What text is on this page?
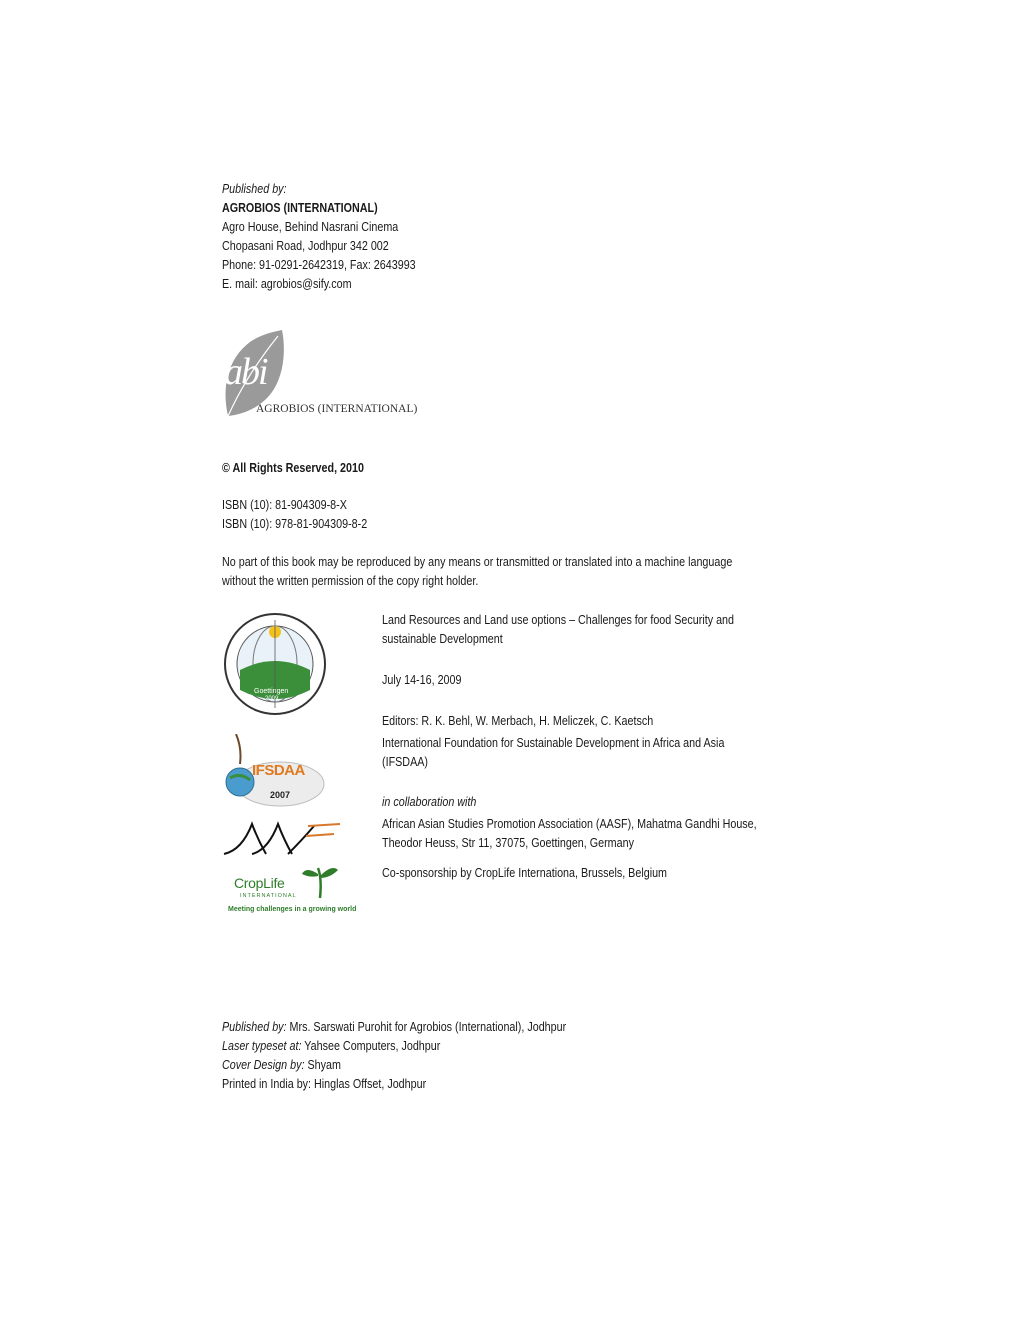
Published by:
AGROBIOS (INTERNATIONAL)
Agro House, Behind Nasrani Cinema
Chopasani Road, Jodhpur 342 002
Phone: 91-0291-2642319, Fax: 2643993
E. mail: agrobios@sify.com
abi
AGROBIOS (INTERNATIONAL)
© All Rights Reserved, 2010
ISBN (10): 81-904309-8-X
ISBN (10): 978-81-904309-8-2
No part of this book may be reproduced by any means or transmitted or translated into a machine language
without the written permission of the copy right holder.
Goettingen
2009
Land Resources and Land use options – Challenges for food Security and
sustainable Development
July 14-16, 2009
Editors: R. K. Behl, W. Merbach, H. Meliczek, C. Kaetsch
International Foundation for Sustainable Development in Africa and Asia
(IFSDAA)
in collaboration with
African Asian Studies Promotion Association (AASF), Mahatma Gandhi House,
Theodor Heuss, Str 11, 37075, Goettingen, Germany
Co-sponsorship by CropLife Internationa, Brussels, Belgium
IFSDAA
2007
CropLife
INTERNATIONAL
Meeting challenges in a growing world
Published by: Mrs. Sarswati Purohit for Agrobios (International), Jodhpur
Laser typeset at: Yahsee Computers, Jodhpur
Cover Design by: Shyam
Printed in India by: Hinglas Offset, Jodhpur
